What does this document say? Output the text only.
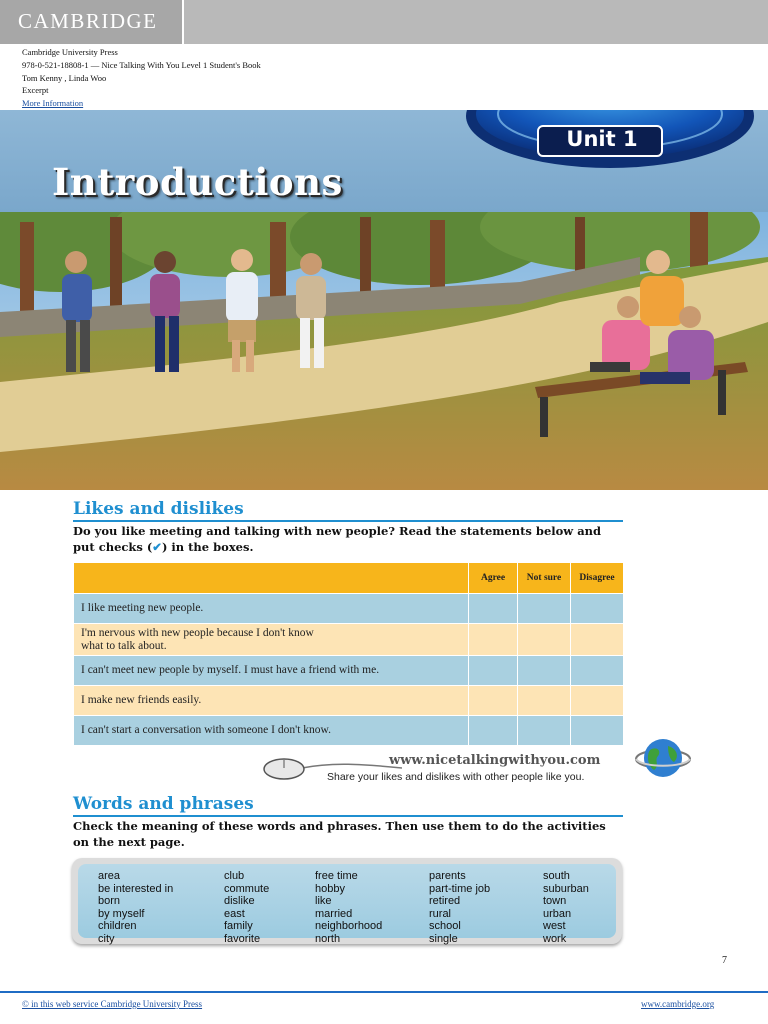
CAMBRIDGE
Cambridge University Press
978-0-521-18808-1 — Nice Talking With You Level 1 Student's Book
Tom Kenny , Linda Woo
Excerpt
More Information
Unit 1
Introductions
Likes and dislikes
Do you like meeting and talking with new people? Read the statements below and
put checks (✔) in the boxes.
	Agree	Not sure	Disagree
I like meeting new people.			
I'm nervous with new people because I don't know what to talk about.			
I can't meet new people by myself. I must have a friend with me.			
I make new friends easily.			
I can't start a conversation with someone I don't know.			
www.nicetalkingwithyou.com
Share your likes and dislikes with other people like you.
Words and phrases
Check the meaning of these words and phrases. Then use them to do the activities on the next page.
area
be interested in
born
by myself
children
city
club
commute
dislike
east
family
favorite
free time
hobby
like
married
neighborhood
north
parents
part-time job
retired
rural
school
single
south
suburban
town
urban
west
work
7
© in this web service Cambridge University Press	www.cambridge.org
